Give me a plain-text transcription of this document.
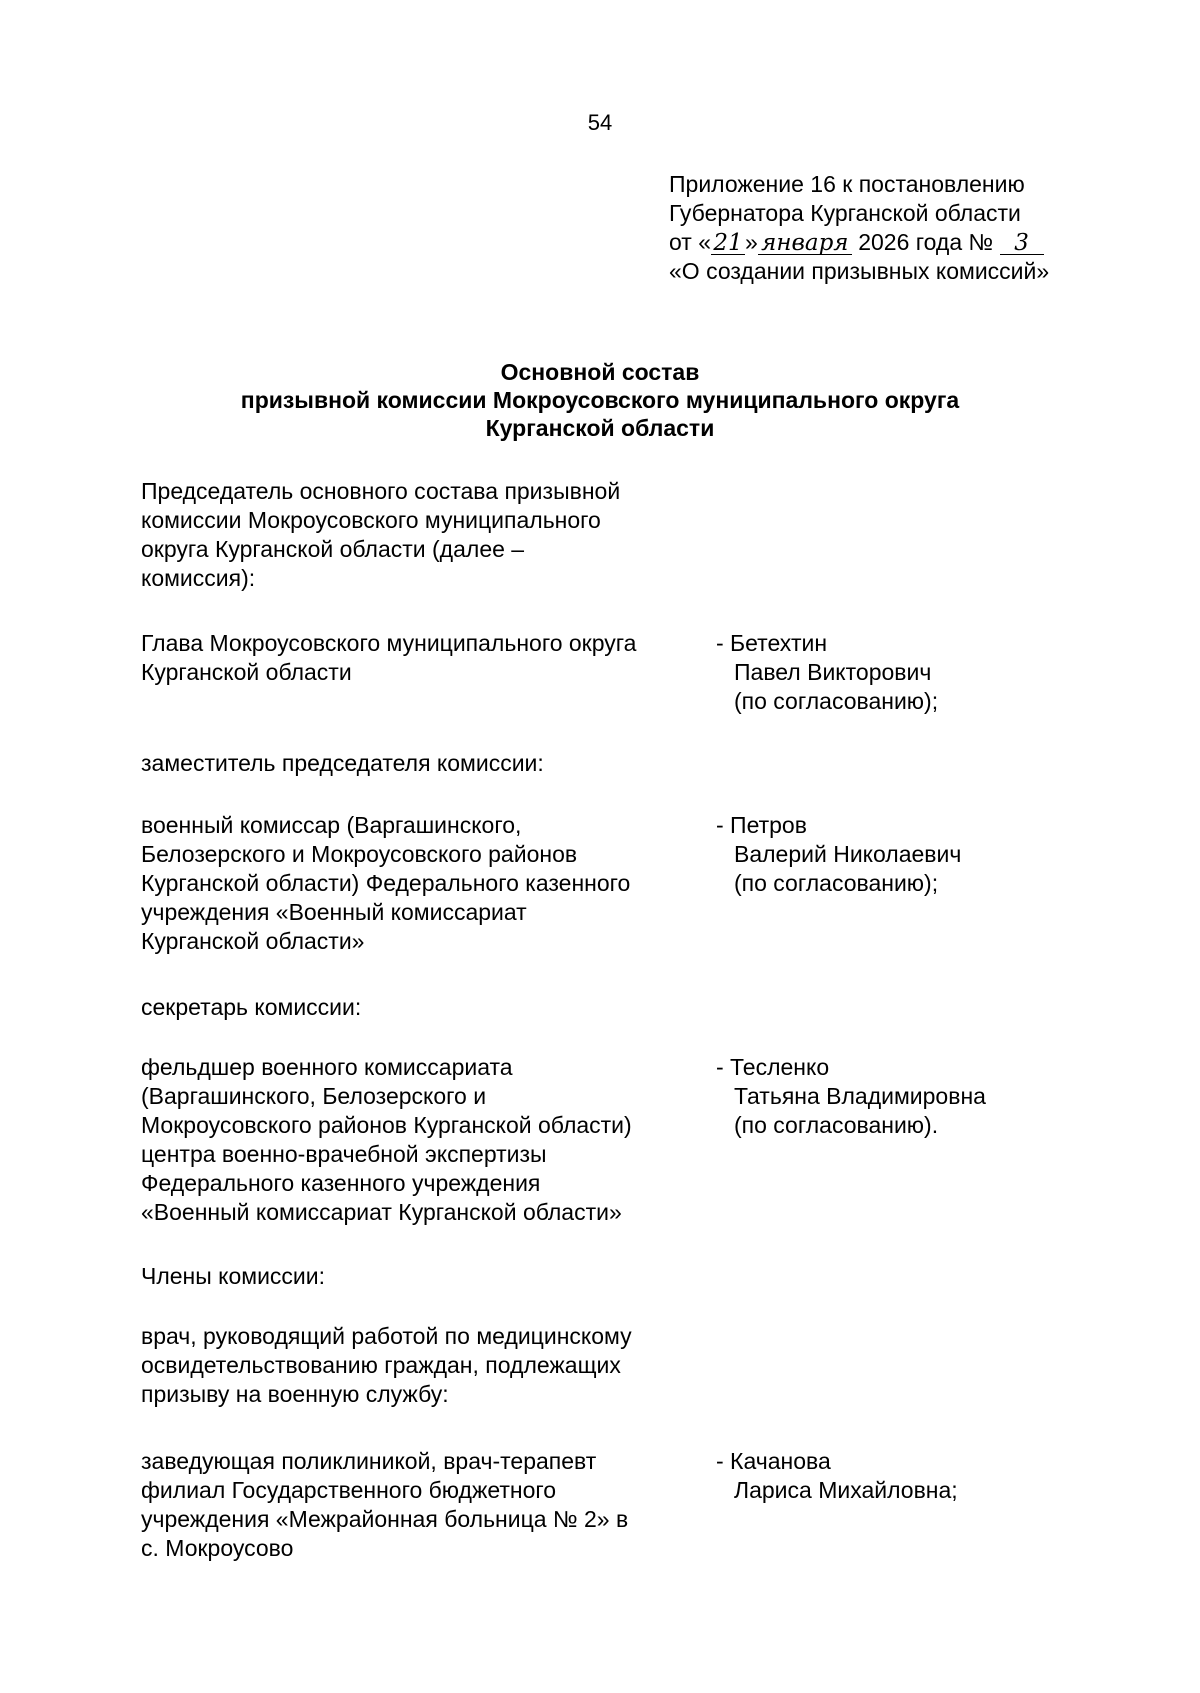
54
Приложение 16 к постановлению
Губернатора Курганской области
от « 21 » января 2026 года № 3
«О создании призывных комиссий»
Основной состав
призывной комиссии Мокроусовского муниципального округа
Курганской области
Председатель основного состава призывной
комиссии Мокроусовского муниципального
округа Курганской области (далее –
комиссия):
Глава Мокроусовского муниципального округа
Курганской области
- Бетехтин
Павел Викторович
(по согласованию);
заместитель председателя комиссии:
военный комиссар (Варгашинского,
Белозерского и Мокроусовского районов
Курганской области) Федерального казенного
учреждения «Военный комиссариат
Курганской области»
- Петров
Валерий Николаевич
(по согласованию);
секретарь комиссии:
фельдшер военного комиссариата
(Варгашинского, Белозерского и
Мокроусовского районов Курганской области)
центра военно-врачебной экспертизы
Федерального казенного учреждения
«Военный комиссариат Курганской области»
- Тесленко
Татьяна Владимировна
(по согласованию).
Члены комиссии:
врач, руководящий работой по медицинскому
освидетельствованию граждан, подлежащих
призыву на военную службу:
заведующая поликлиникой, врач-терапевт
филиал Государственного бюджетного
учреждения «Межрайонная больница № 2» в
с. Мокроусово
- Качанова
Лариса Михайловна;
